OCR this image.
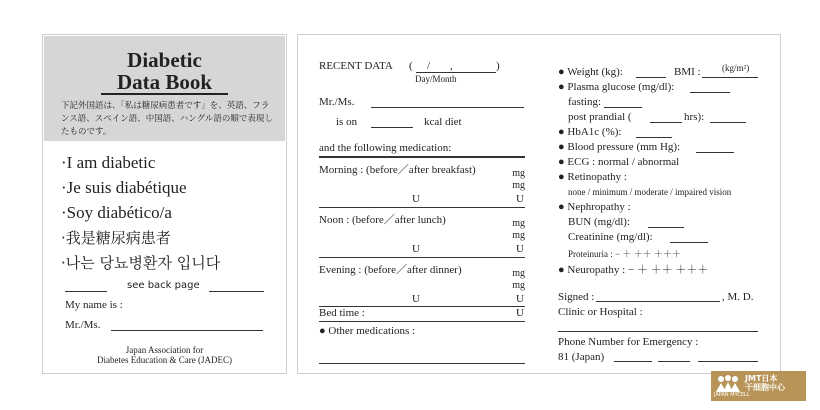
Diabetic
Data Book
下記外国語は、「私は糖尿病患者です」を、英語、フランス語、スペイン語、中国語、ハングル語の順で表現したものです。
·I am diabetic
·Je suis diabétique
·Soy diabético/a
·我是糖尿病患者
·나는 당뇨병환자 입니다
see back page
My name is :
Mr./Ms.
Japan Association for
Diabetes Education & Care (JADEC)
RECENT DATA ( / ,	)
Day/Month
Mr./Ms.
is on	kcal diet
and the following medication:
Morning : (before／after breakfast)	mg
mg
U	U
Noon : (before／after lunch)	mg
mg
U	U
Evening : (before／after dinner)	mg
mg
U	U
Bed time :	U
● Other medications :
● Weight (kg):	BMI : (kg/m²)
● Plasma glucose (mg/dl):
fasting:
post prandial (	hrs):
● HbA1c (%):
● Blood pressure (mm Hg):
● ECG : normal / abnormal
● Retinopathy :
none / minimum / moderate / impaired vision
● Nephropathy :
BUN (mg/dl):
Creatinine (mg/dl):
Proteinuria : − ＋ ＋＋ ＋＋＋
● Neuropathy : − ＋ ＋＋ ＋＋＋
Signed :	, M. D.
Clinic or Hospital :
Phone Number for Emergency :
81 (Japan)
JMT日本
干细胞中心
JAPAN MYCELL
